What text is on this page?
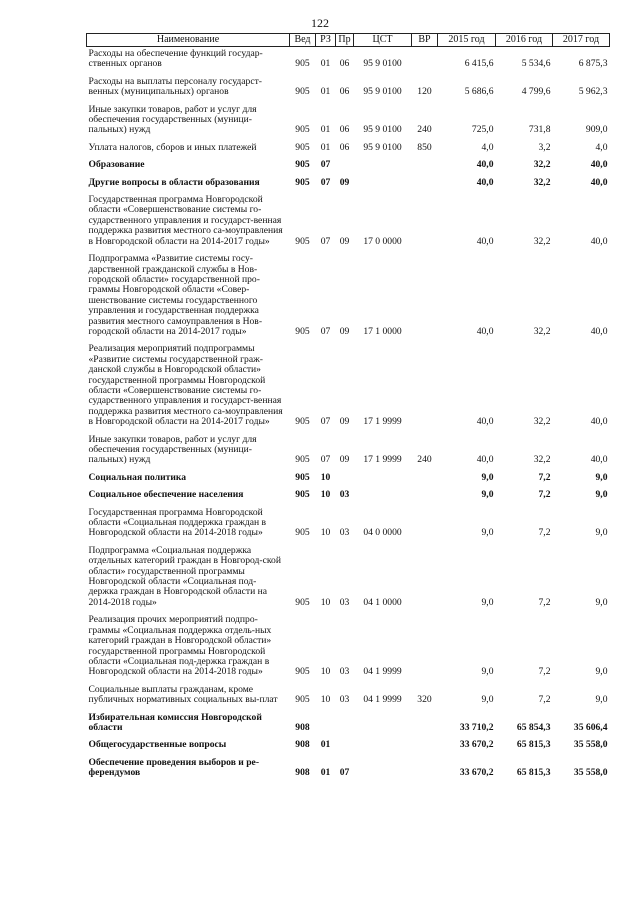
122
Наименование	Вед	РЗ	Пр	ЦСТ	ВР	2015 год	2016 год	2017 год
Расходы на обеспечение функций государ-ственных органов	905	01	06	95 9 0100		6 415,6	5 534,6	6 875,3
Расходы на выплаты персоналу государст-венных (муниципальных) органов	905	01	06	95 9 0100	120	5 686,6	4 799,6	5 962,3
Иные закупки товаров, работ и услуг для обеспечения государственных (муници-пальных) нужд	905	01	06	95 9 0100	240	725,0	731,8	909,0
Уплата налогов, сборов и иных платежей	905	01	06	95 9 0100	850	4,0	3,2	4,0
Образование	905	07				40,0	32,2	40,0
Другие вопросы в области образования	905	07	09			40,0	32,2	40,0
Государственная программа Новгородской области «Совершенствование системы го-сударственного управления и государст-венная поддержка развития местного са-моуправления в Новгородской области на 2014-2017 годы»	905	07	09	17 0 0000		40,0	32,2	40,0
Подпрограмма «Развитие системы госу-дарственной гражданской службы в Нов-городской области» государственной про-граммы Новгородской области «Совер-шенствование системы государственного управления и государственная поддержка развития местного самоуправления в Нов-городской области на 2014-2017 годы»	905	07	09	17 1 0000		40,0	32,2	40,0
Реализация мероприятий подпрограммы «Развитие системы государственной граж-данской службы в Новгородской области» государственной программы Новгородской области «Совершенствование системы го-сударственного управления и государст-венная поддержка развития местного са-моуправления в Новгородской области на 2014-2017 годы»	905	07	09	17 1 9999		40,0	32,2	40,0
Иные закупки товаров, работ и услуг для обеспечения государственных (муници-пальных) нужд	905	07	09	17 1 9999	240	40,0	32,2	40,0
Социальная политика	905	10				9,0	7,2	9,0
Социальное обеспечение населения	905	10	03			9,0	7,2	9,0
Государственная программа Новгородской области «Социальная поддержка граждан в Новгородской области на 2014-2018 годы»	905	10	03	04 0 0000		9,0	7,2	9,0
Подпрограмма «Социальная поддержка отдельных категорий граждан в Новгород-ской области» государственной программы Новгородской области «Социальная под-держка граждан в Новгородской области на 2014-2018 годы»	905	10	03	04 1 0000		9,0	7,2	9,0
Реализация прочих мероприятий подпро-граммы «Социальная поддержка отдель-ных категорий граждан в Новгородской области» государственной программы Новгородской области «Социальная под-держка граждан в Новгородской области на 2014-2018 годы»	905	10	03	04 1 9999		9,0	7,2	9,0
Социальные выплаты гражданам, кроме публичных нормативных социальных вы-плат	905	10	03	04 1 9999	320	9,0	7,2	9,0
Избирательная комиссия Новгородской области	908					33 710,2	65 854,3	35 606,4
Общегосударственные вопросы	908	01				33 670,2	65 815,3	35 558,0
Обеспечение проведения выборов и ре-ферендумов	908	01	07			33 670,2	65 815,3	35 558,0
